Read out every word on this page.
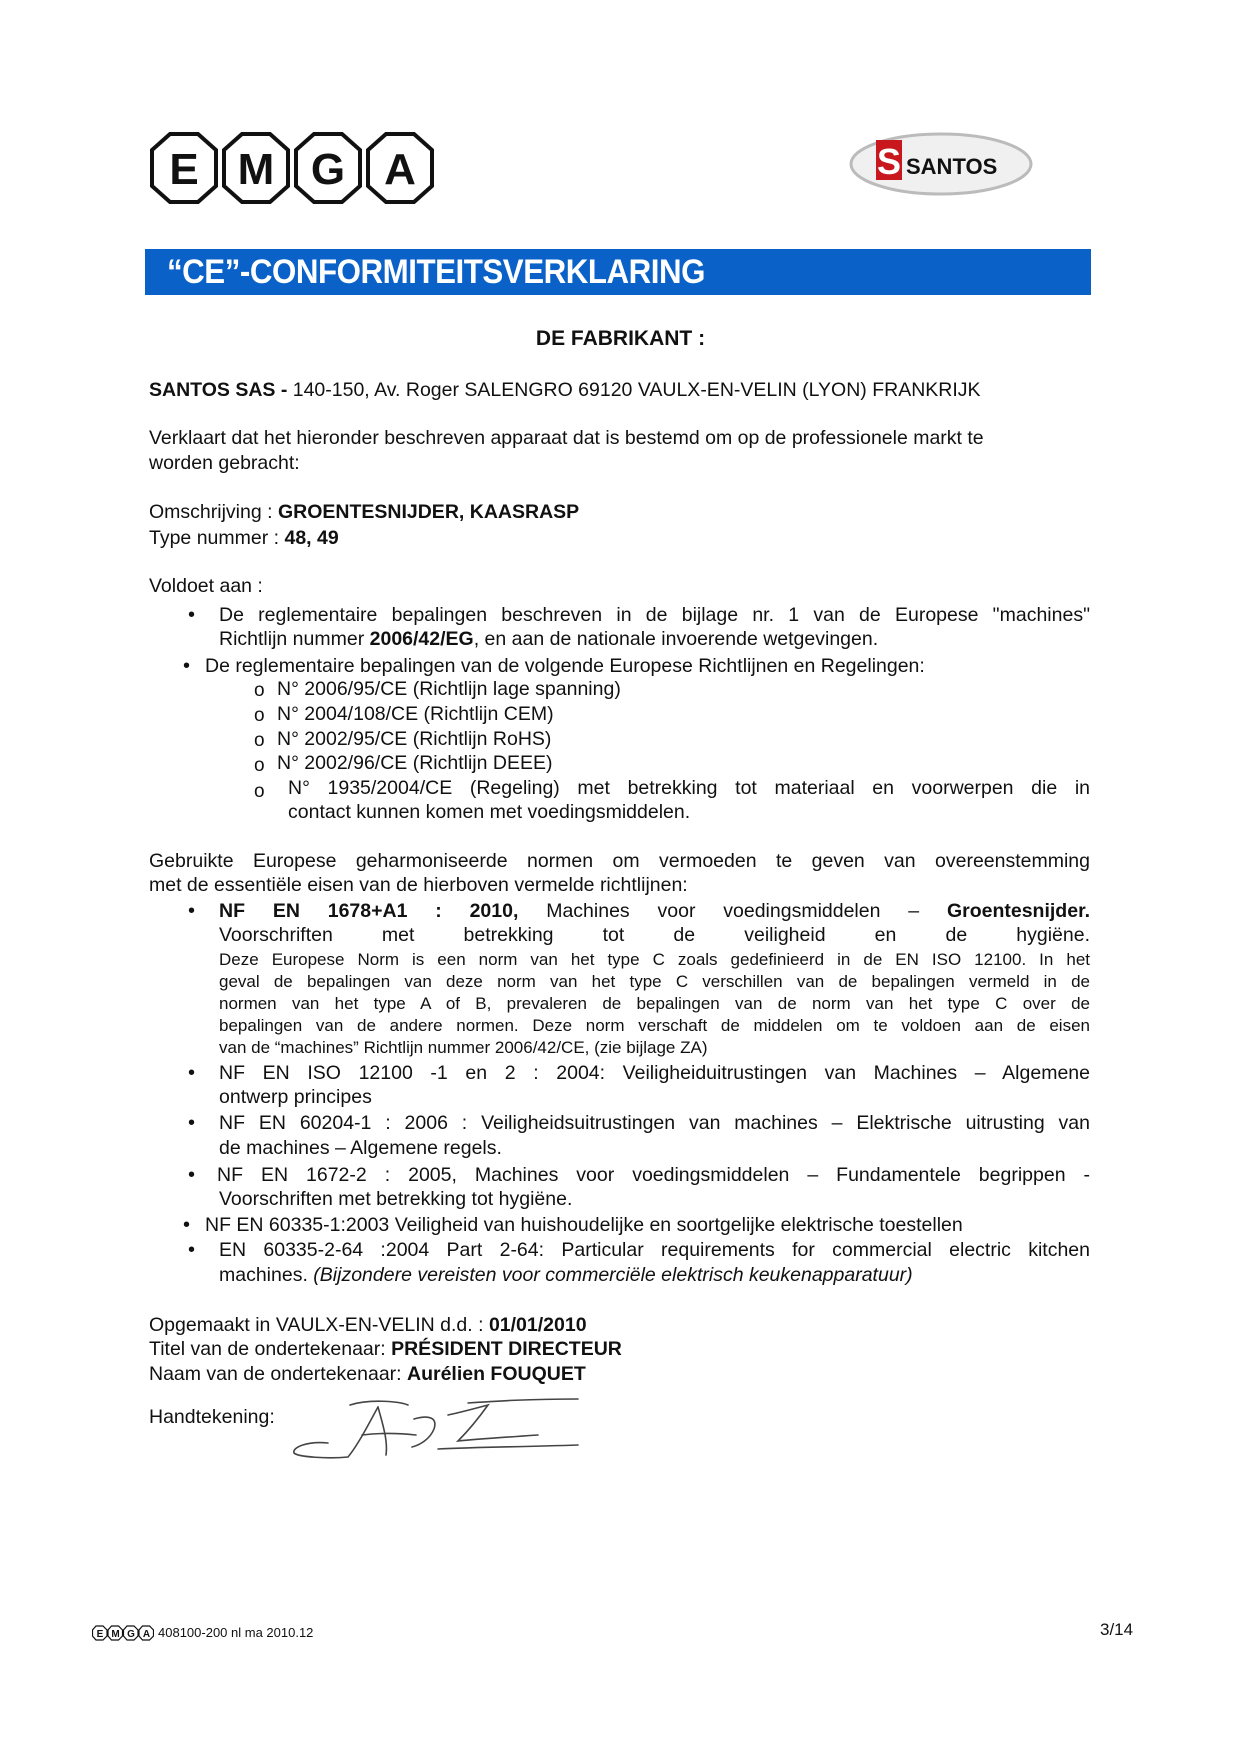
E M G A	S SANTOS
“CE”-CONFORMITEITSVERKLARING
DE FABRIKANT :
SANTOS SAS - 140-150, Av. Roger SALENGRO 69120 VAULX-EN-VELIN (LYON) FRANKRIJK
Verklaart dat het hieronder beschreven apparaat dat is bestemd om op de professionele markt te
worden gebracht:
Omschrijving : GROENTESNIJDER, KAASRASP
Type nummer : 48, 49
Voldoet aan :
• De reglementaire bepalingen beschreven in de bijlage nr. 1 van de Europese "machines"
Richtlijn nummer 2006/42/EG, en aan de nationale invoerende wetgevingen.
• De reglementaire bepalingen van de volgende Europese Richtlijnen en Regelingen:
o N° 2006/95/CE (Richtlijn lage spanning)
o N° 2004/108/CE (Richtlijn CEM)
o N° 2002/95/CE (Richtlijn RoHS)
o N° 2002/96/CE (Richtlijn DEEE)
o N° 1935/2004/CE (Regeling) met betrekking tot materiaal en voorwerpen die in
contact kunnen komen met voedingsmiddelen.
Gebruikte Europese geharmoniseerde normen om vermoeden te geven van overeenstemming
met de essentiële eisen van de hierboven vermelde richtlijnen:
• NF EN 1678+A1 : 2010, Machines voor voedingsmiddelen – Groentesnijder.
Voorschriften met betrekking tot de veiligheid en de hygiëne.
Deze Europese Norm is een norm van het type C zoals gedefinieerd in de EN ISO 12100. In het
geval de bepalingen van deze norm van het type C verschillen van de bepalingen vermeld in de
normen van het type A of B, prevaleren de bepalingen van de norm van het type C over de
bepalingen van de andere normen. Deze norm verschaft de middelen om te voldoen aan de eisen
van de “machines” Richtlijn nummer 2006/42/CE, (zie bijlage ZA)
• NF EN ISO 12100 -1 en 2 : 2004: Veiligheiduitrustingen van Machines – Algemene
ontwerp principes
• NF EN 60204-1 : 2006 : Veiligheidsuitrustingen van machines – Elektrische uitrusting van
de machines – Algemene regels.
• NF EN 1672-2 : 2005, Machines voor voedingsmiddelen – Fundamentele begrippen -
Voorschriften met betrekking tot hygiëne.
• NF EN 60335-1:2003 Veiligheid van huishoudelijke en soortgelijke elektrische toestellen
• EN 60335-2-64 :2004 Part 2-64: Particular requirements for commercial electric kitchen
machines. (Bijzondere vereisten voor commerciële elektrisch keukenapparatuur)
Opgemaakt in VAULX-EN-VELIN d.d. : 01/01/2010
Titel van de ondertekenaar: PRÉSIDENT DIRECTEUR
Naam van de ondertekenaar: Aurélien FOUQUET
Handtekening:
E M G A 408100-200 nl ma 2010.12	3/14
